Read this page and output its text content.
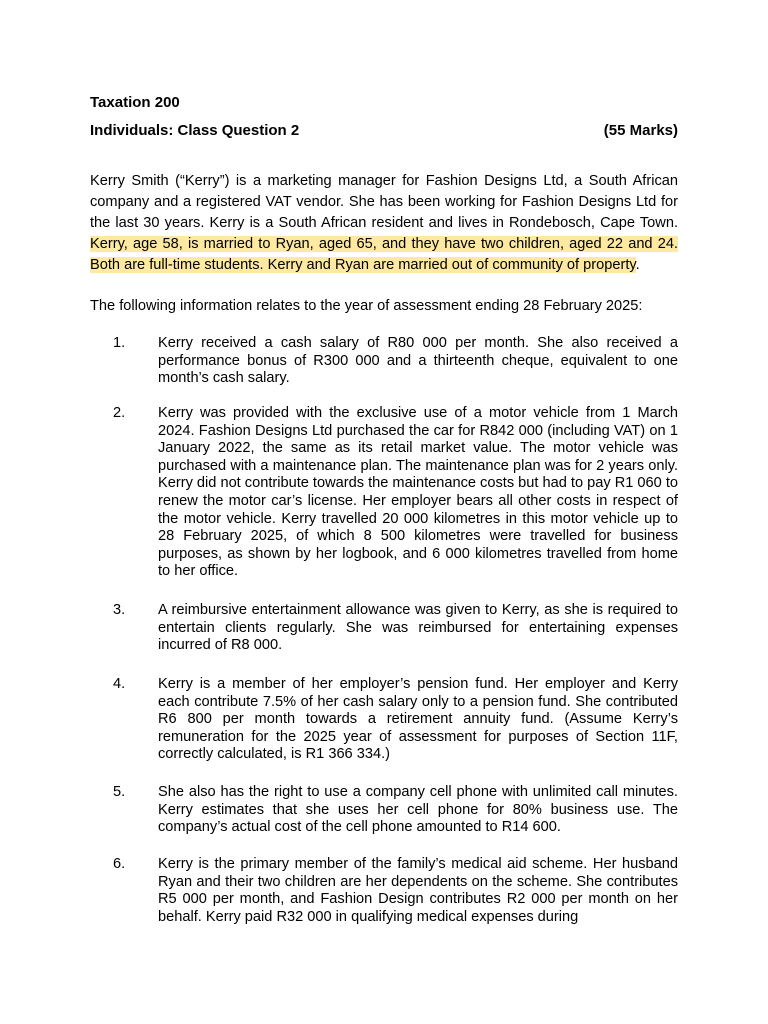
Taxation 200
Individuals: Class Question 2	(55 Marks)
Kerry Smith (“Kerry”) is a marketing manager for Fashion Designs Ltd, a South African company and a registered VAT vendor. She has been working for Fashion Designs Ltd for the last 30 years. Kerry is a South African resident and lives in Rondebosch, Cape Town. Kerry, age 58, is married to Ryan, aged 65, and they have two children, aged 22 and 24. Both are full-time students. Kerry and Ryan are married out of community of property.
The following information relates to the year of assessment ending 28 February 2025:
1.	Kerry received a cash salary of R80 000 per month. She also received a performance bonus of R300 000 and a thirteenth cheque, equivalent to one month’s cash salary.
2.	Kerry was provided with the exclusive use of a motor vehicle from 1 March 2024. Fashion Designs Ltd purchased the car for R842 000 (including VAT) on 1 January 2022, the same as its retail market value. The motor vehicle was purchased with a maintenance plan. The maintenance plan was for 2 years only. Kerry did not contribute towards the maintenance costs but had to pay R1 060 to renew the motor car’s license. Her employer bears all other costs in respect of the motor vehicle. Kerry travelled 20 000 kilometres in this motor vehicle up to 28 February 2025, of which 8 500 kilometres were travelled for business purposes, as shown by her logbook, and 6 000 kilometres travelled from home to her office.
3.	A reimbursive entertainment allowance was given to Kerry, as she is required to entertain clients regularly. She was reimbursed for entertaining expenses incurred of R8 000.
4.	Kerry is a member of her employer’s pension fund. Her employer and Kerry each contribute 7.5% of her cash salary only to a pension fund. She contributed R6 800 per month towards a retirement annuity fund. (Assume Kerry’s remuneration for the 2025 year of assessment for purposes of Section 11F, correctly calculated, is R1 366 334.)
5.	She also has the right to use a company cell phone with unlimited call minutes. Kerry estimates that she uses her cell phone for 80% business use. The company’s actual cost of the cell phone amounted to R14 600.
6.	Kerry is the primary member of the family’s medical aid scheme. Her husband Ryan and their two children are her dependents on the scheme. She contributes R5 000 per month, and Fashion Design contributes R2 000 per month on her behalf. Kerry paid R32 000 in qualifying medical expenses during
